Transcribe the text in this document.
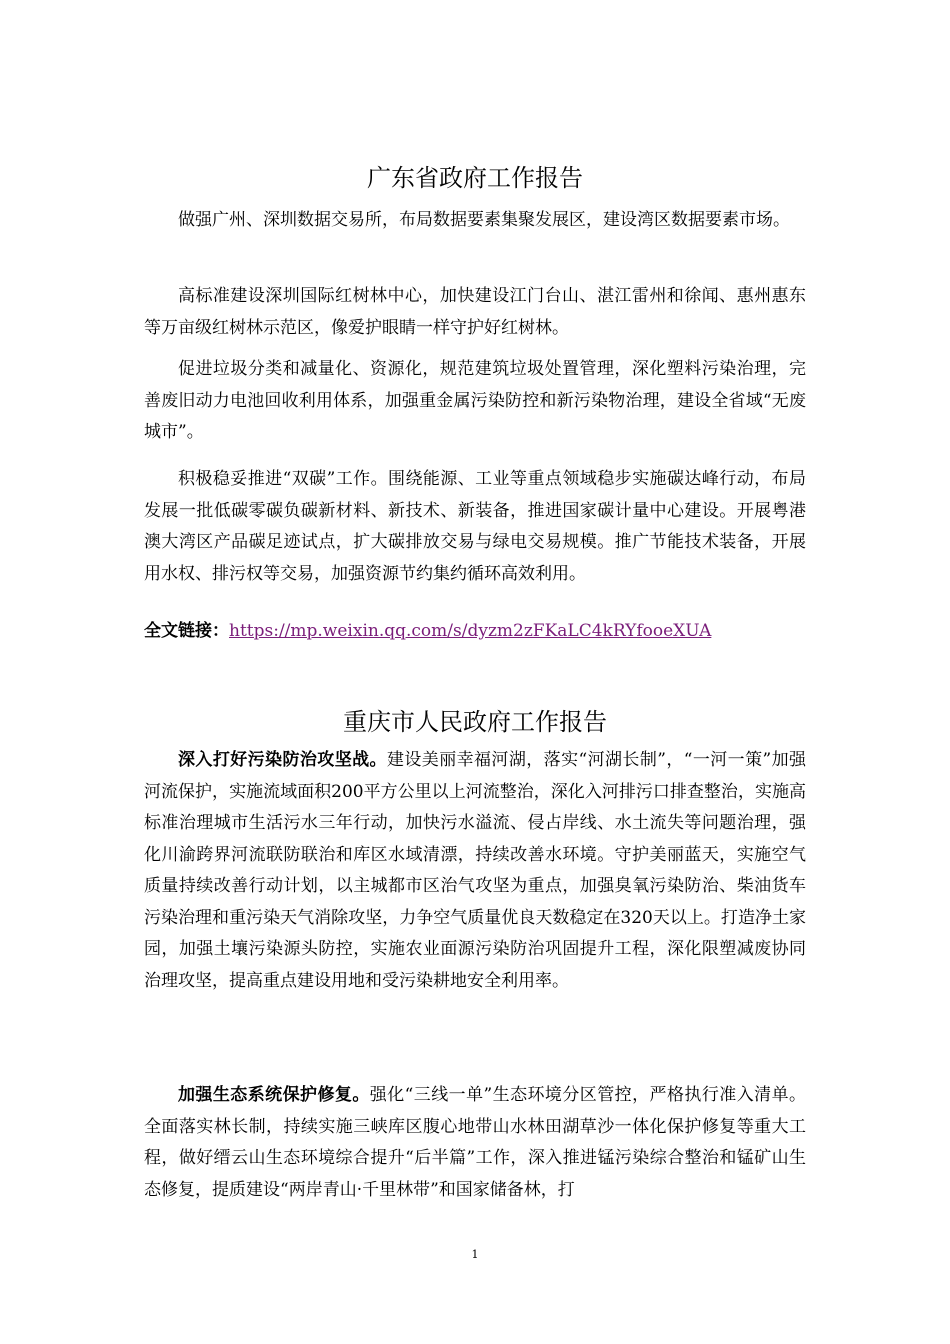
广东省政府工作报告

做强广州、深圳数据交易所，布局数据要素集聚发展区，建设湾区数据要素市场。

高标准建设深圳国际红树林中心，加快建设江门台山、湛江雷州和徐闻、惠州惠东等万亩级红树林示范区，像爱护眼睛一样守护好红树林。

促进垃圾分类和减量化、资源化，规范建筑垃圾处置管理，深化塑料污染治理，完善废旧动力电池回收利用体系，加强重金属污染防控和新污染物治理，建设全省域“无废城市”。

积极稳妥推进“双碳”工作。围绕能源、工业等重点领域稳步实施碳达峰行动，布局发展一批低碳零碳负碳新材料、新技术、新装备，推进国家碳计量中心建设。开展粤港澳大湾区产品碳足迹试点，扩大碳排放交易与绿电交易规模。推广节能技术装备，开展用水权、排污权等交易，加强资源节约集约循环高效利用。

全文链接：https://mp.weixin.qq.com/s/dyzm2zFKaLC4kRYfooeXUA

重庆市人民政府工作报告

深入打好污染防治攻坚战。建设美丽幸福河湖，落实“河湖长制”，“一河一策”加强河流保护，实施流域面积200平方公里以上河流整治，深化入河排污口排查整治，实施高标准治理城市生活污水三年行动，加快污水溢流、侵占岸线、水土流失等问题治理，强化川渝跨界河流联防联治和库区水域清漂，持续改善水环境。守护美丽蓝天，实施空气质量持续改善行动计划，以主城都市区治气攻坚为重点，加强臭氧污染防治、柴油货车污染治理和重污染天气消除攻坚，力争空气质量优良天数稳定在320天以上。打造净土家园，加强土壤污染源头防控，实施农业面源污染防治巩固提升工程，深化限塑减废协同治理攻坚，提高重点建设用地和受污染耕地安全利用率。

加强生态系统保护修复。强化“三线一单”生态环境分区管控，严格执行准入清单。全面落实林长制，持续实施三峡库区腹心地带山水林田湖草沙一体化保护修复等重大工程，做好缙云山生态环境综合提升“后半篇”工作，深入推进锰污染综合整治和锰矿山生态修复，提质建设“两岸青山·千里林带”和国家储备林，打

1
